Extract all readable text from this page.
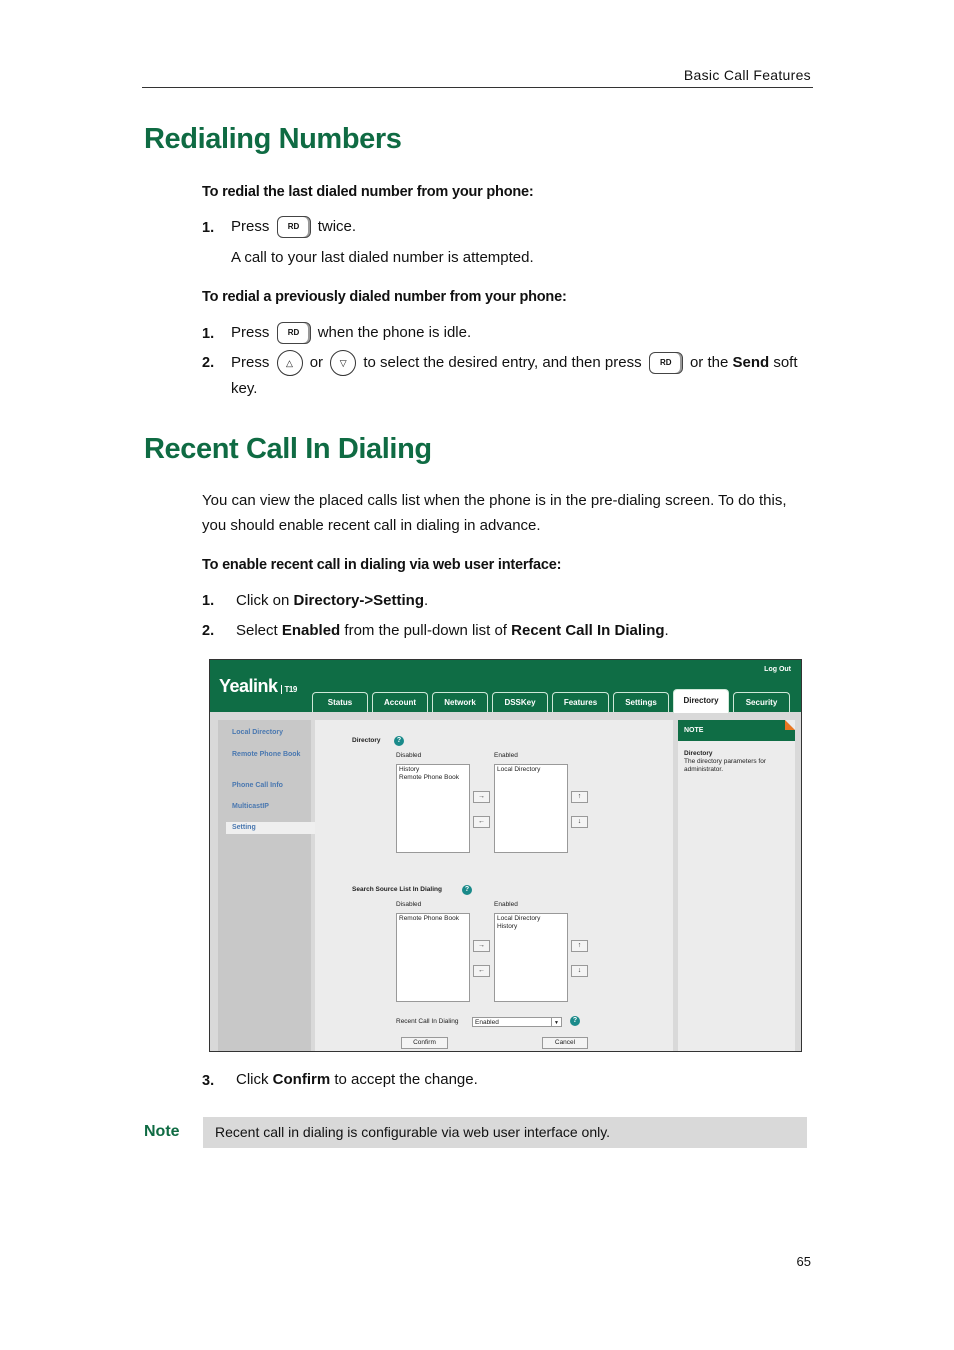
Basic Call Features
Redialing Numbers
To redial the last dialed number from your phone:
1. Press RD twice.
A call to your last dialed number is attempted.
To redial a previously dialed number from your phone:
1. Press RD when the phone is idle.
2. Press △ or ▽ to select the desired entry, and then press RD or the Send soft
key.
Recent Call In Dialing
You can view the placed calls list when the phone is in the pre-dialing screen. To do this,
you should enable recent call in dialing in advance.
To enable recent call in dialing via web user interface:
1. Click on Directory->Setting.
2. Select Enabled from the pull-down list of Recent Call In Dialing.
Yealink T19
Log Out
Status	Account	Network	DSSKey	Features	Settings	Directory	Security
Local Directory
Remote Phone Book
Phone Call Info
MulticastIP
Setting
Directory	?
Disabled	Enabled
History
Remote Phone Book
Local Directory
→
←
↑
↓
Search Source List In Dialing	?
Disabled	Enabled
Remote Phone Book	Local Directory
History
→
←
↑
↓
Recent Call In Dialing	Enabled	▼	?
Confirm	Cancel
NOTE
Directory
The directory parameters for administrator.
3. Click Confirm to accept the change.
Note	Recent call in dialing is configurable via web user interface only.
65
